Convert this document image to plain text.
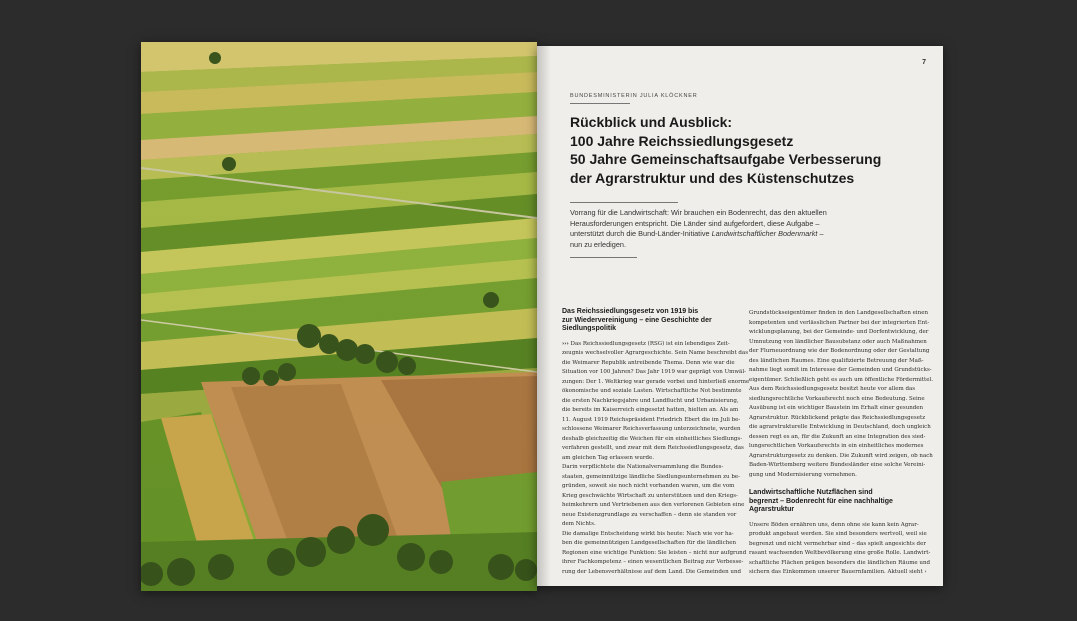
7
BUNDESMINISTERIN JULIA KLÖCKNER
Rückblick und Ausblick:
100 Jahre Reichssiedlungsgesetz
50 Jahre Gemeinschaftsaufgabe Verbesserung
der Agrarstruktur und des Küstenschutzes
Vorrang für die Landwirtschaft: Wir brauchen ein Bodenrecht, das den aktuellen
Herausforderungen entspricht. Die Länder sind aufgefordert, diese Aufgabe –
unterstützt durch die Bund-Länder-Initiative Landwirtschaftlicher Bodenmarkt –
nun zu erledigen.
Das Reichssiedlungsgesetz von 1919 bis
zur Wiedervereinigung – eine Geschichte der
Siedlungspolitik

››› Das Reichssiedlungsgesetz (RSG) ist ein lebendiges Zeit-
zeugnis wechselvoller Agrargeschichte. Sein Name beschreibt das
die Weimarer Republik antreibende Thema. Denn wie war die
Situation vor 100 Jahren? Das Jahr 1919 war geprägt von Umwäl-
zungen: Der 1. Weltkrieg war gerade vorbei und hinterließ enorme
ökonomische und soziale Lasten. Wirtschaftliche Not bestimmte
die ersten Nachkriegsjahre und Landflucht und Urbanisierung,
die bereits im Kaiserreich eingesetzt hatten, hielten an. Als am
11. August 1919 Reichspräsident Friedrich Ebert die im Juli be-
schlossene Weimarer Reichsverfassung unterzeichnete, wurden
deshalb gleichzeitig die Weichen für ein einheitliches Siedlungs-
verfahren gestellt, und zwar mit dem Reichssiedlungsgesetz, das
am gleichen Tag erlassen wurde.

Darin verpflichtete die Nationalversammlung die Bundes-
staaten, gemeinnützige ländliche Siedlungsunternehmen zu be-
gründen, soweit sie noch nicht vorhanden waren, um die vom
Krieg geschwächte Wirtschaft zu unterstützen und den Kriegs-
heimkehrern und Vertriebenen aus den verlorenen Gebieten eine
neue Existenzgrundlage zu verschaffen – denn sie standen vor
dem Nichts.

Die damalige Entscheidung wirkt bis heute: Nach wie vor ha-
ben die gemeinnützigen Landgesellschaften für die ländlichen
Regionen eine wichtige Funktion: Sie leisten – nicht nur aufgrund
ihrer Fachkompetenz – einen wesentlichen Beitrag zur Verbesse-
rung der Lebensverhältnisse auf dem Land. Die Gemeinden und

Grundstückseigentümer finden in den Landgesellschaften einen
kompetenten und verlässlichen Partner bei der integrierten Ent-
wicklungsplanung, bei der Gemeinde- und Dorfentwicklung, der
Umnutzung von ländlicher Bausubstanz oder auch Maßnahmen
der Flurneuordnung wie der Bodenordnung oder der Gestaltung
des ländlichen Raumes. Eine qualifizierte Betreuung der Maß-
nahme liegt somit im Interesse der Gemeinden und Grundstücks-
eigentümer. Schließlich geht es auch um öffentliche Fördermittel.
Aus dem Reichssiedlungsgesetz besitzt heute vor allem das
siedlungsrechtliche Vorkaufsrecht noch eine Bedeutung. Seine
Ausübung ist ein wichtiger Baustein im Erhalt einer gesunden
Agrarstruktur. Rückblickend prägte das Reichssiedlungsgesetz
die agrarstrukturelle Entwicklung in Deutschland, doch ungleich
dessen regt es an, für die Zukunft an eine Integration des sied-
lungsrechtlichen Vorkaufsrechts in ein einheitliches modernes
Agrarstrukturgesetz zu denken. Die Zukunft wird zeigen, ob nach
Baden-Württemberg weitere Bundesländer eine solche Vereini-
gung und Modernisierung vornehmen.

Landwirtschaftliche Nutzflächen sind
begrenzt – Bodenrecht für eine nachhaltige
Agrarstruktur

Unsere Böden ernähren uns, denn ohne sie kann kein Agrar-
produkt angebaut werden. Sie sind besonders wertvoll, weil sie
begrenzt und nicht vermehrbar sind – das spielt angesichts der
rasant wachsenden Weltbevölkerung eine große Rolle. Landwirt-
schaftliche Flächen prägen besonders die ländlichen Räume und
sichern das Einkommen unserer Bauernfamilien. Aktuell sieht ›
